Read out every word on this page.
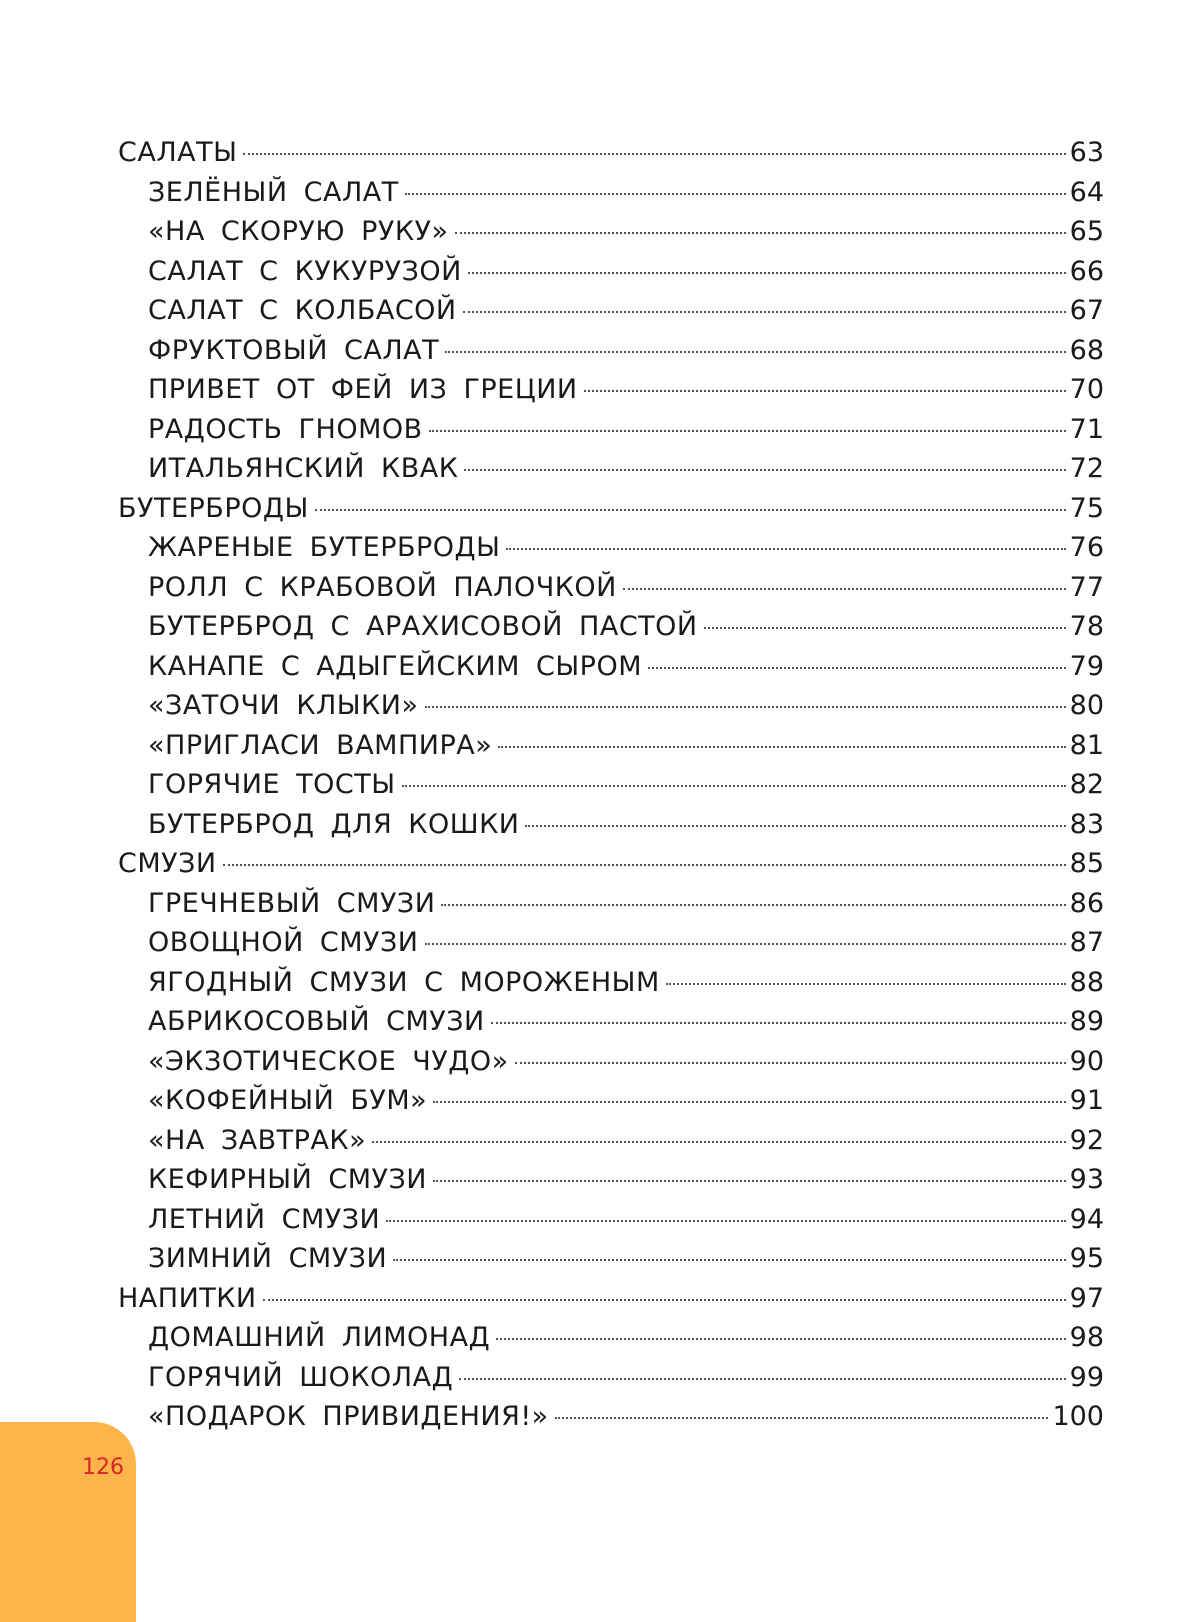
САЛАТЫ	63
ЗЕЛЁНЫЙ САЛАТ	64
«НА СКОРУЮ РУКУ»	65
САЛАТ С КУКУРУЗОЙ	66
САЛАТ С КОЛБАСОЙ	67
ФРУКТОВЫЙ САЛАТ	68
ПРИВЕТ ОТ ФЕЙ ИЗ ГРЕЦИИ	70
РАДОСТЬ ГНОМОВ	71
ИТАЛЬЯНСКИЙ КВАК	72
БУТЕРБРОДЫ	75
ЖАРЕНЫЕ БУТЕРБРОДЫ	76
РОЛЛ С КРАБОВОЙ ПАЛОЧКОЙ	77
БУТЕРБРОД С АРАХИСОВОЙ ПАСТОЙ	78
КАНАПЕ С АДЫГЕЙСКИМ СЫРОМ	79
«ЗАТОЧИ КЛЫКИ»	80
«ПРИГЛАСИ ВАМПИРА»	81
ГОРЯЧИЕ ТОСТЫ	82
БУТЕРБРОД ДЛЯ КОШКИ	83
СМУЗИ	85
ГРЕЧНЕВЫЙ СМУЗИ	86
ОВОЩНОЙ СМУЗИ	87
ЯГОДНЫЙ СМУЗИ С МОРОЖЕНЫМ	88
АБРИКОСОВЫЙ СМУЗИ	89
«ЭКЗОТИЧЕСКОЕ ЧУДО»	90
«КОФЕЙНЫЙ БУМ»	91
«НА ЗАВТРАК»	92
КЕФИРНЫЙ СМУЗИ	93
ЛЕТНИЙ СМУЗИ	94
ЗИМНИЙ СМУЗИ	95
НАПИТКИ	97
ДОМАШНИЙ ЛИМОНАД	98
ГОРЯЧИЙ ШОКОЛАД	99
«ПОДАРОК ПРИВИДЕНИЯ!»	100
126
